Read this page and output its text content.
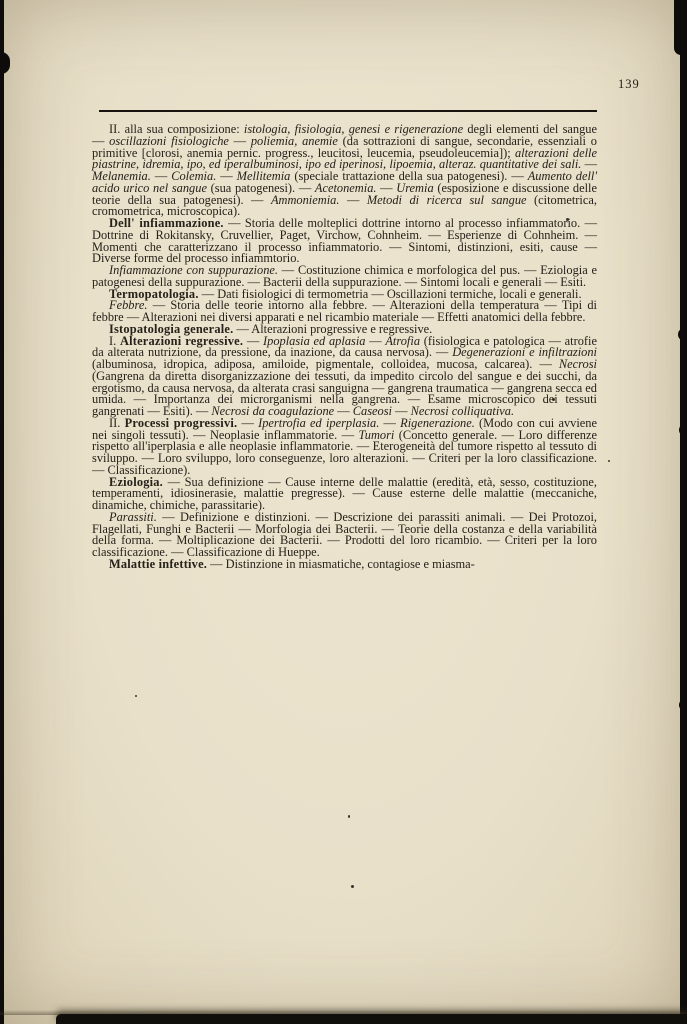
139

II. alla sua composizione: istologia, fisiologia, genesi e rigenerazione degli elementi del sangue — oscillazioni fisiologiche — poliemia, anemie (da sottrazioni di sangue, secondarie, essenziali o primitive [clorosi, anemia pernic. progress., leucitosi, leucemia, pseudoleucemia]); alterazioni delle piastrine, idremia, ipo, ed iperalbuminosi, ipo ed iperinosi, lipoemia, alteraz. quantitative dei sali. — Melanemia. — Colemia. — Mellitemia (speciale trattazione della sua patogenesi). — Aumento dell' acido urico nel sangue (sua patogenesi). — Acetonemia. — Uremia (esposizione e discussione delle teorie della sua patogenesi). — Ammoniemia. — Metodi di ricerca sul sangue (citometrica, cromometrica, microscopica).

Dell' infiammazione. — Storia delle molteplici dottrine intorno al processo infiammatorio. — Dottrine di Rokitansky, Cruvellier, Paget, Virchow, Cohnheim. — Esperienze di Cohnheim. — Momenti che caratterizzano il processo infiammatorio. — Sintomi, distinzioni, esiti, cause — Diverse forme del processo infiammtorio.

Infiammazione con suppurazione. — Costituzione chimica e morfologica del pus. — Eziologia e patogenesi della suppurazione. — Bacterii della suppurazione. — Sintomi locali e generali — Esiti.

Termopatologia. — Dati fisiologici di termometria — Oscillazioni termiche, locali e generali.

Febbre. — Storia delle teorie intorno alla febbre. — Alterazioni della temperatura — Tipi di febbre — Alterazioni nei diversi apparati e nel ricambio materiale — Effetti anatomici della febbre.

Istopatologia generale. — Alterazioni progressive e regressive.

I. Alterazioni regressive. — Ipoplasia ed aplasia — Atrofia (fisiologica e patologica — atrofie da alterata nutrizione, da pressione, da inazione, da causa nervosa). — Degenerazioni e infiltrazioni (albuminosa, idropica, adiposa, amiloide, pigmentale, colloidea, mucosa, calcarea). — Necrosi (Gangrena da diretta disorganizzazione dei tessuti, da impedito circolo del sangue e dei succhi, da ergotismo, da causa nervosa, da alterata crasi sanguigna — gangrena traumatica — gangrena secca ed umida. — Importanza dei microrganismi nella gangrena. — Esame microscopico dei tessuti gangrenati — Esiti). — Necrosi da coagulazione — Caseosi — Necrosi colliquativa.

II. Processi progressivi. — Ipertrofia ed iperplasia. — Rigenerazione. (Modo con cui avviene nei singoli tessuti). — Neoplasie inflammatorie. — Tumori (Concetto generale. — Loro differenze rispetto all'iperplasia e alle neoplasie inflammatorie. — Eterogeneità del tumore rispetto al tessuto di sviluppo. — Loro sviluppo, loro conseguenze, loro alterazioni. — Criteri per la loro classificazione. — Classificazione).

Eziologia. — Sua definizione — Cause interne delle malattie (eredità, età, sesso, costituzione, temperamenti, idiosinerasie, malattie pregresse). — Cause esterne delle malattie (meccaniche, dinamiche, chimiche, parassitarie).

Parassiti. — Definizione e distinzioni. — Descrizione dei parassiti animali. — Dei Protozoi, Flagellati, Funghi e Bacterii — Morfologia dei Bacterii. — Teorie della costanza e della variabilità della forma. — Moltiplicazione dei Bacterii. — Prodotti del loro ricambio. — Criteri per la loro classificazione. — Classificazione di Hueppe.

Malattie infettive. — Distinzione in miasmatiche, contagiose e miasma-
